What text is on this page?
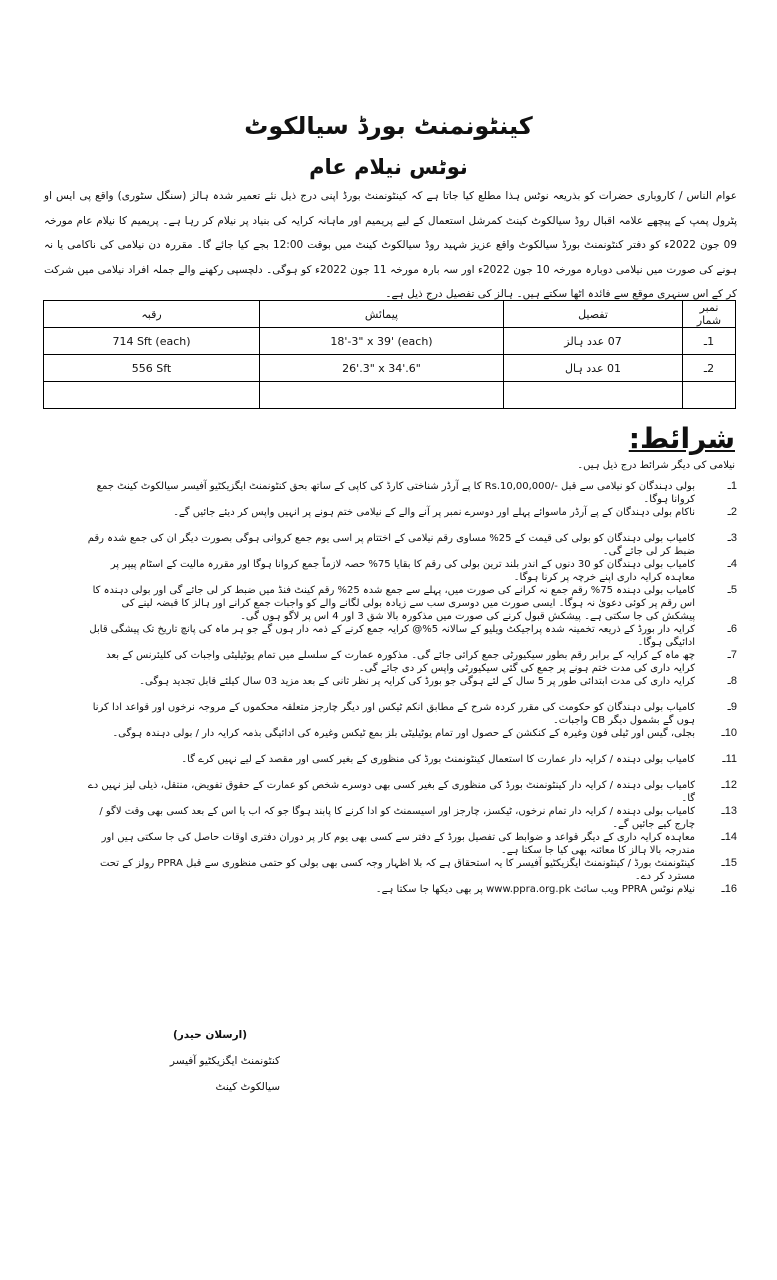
کینٹونمنٹ بورڈ سیالکوٹ
نوٹس نیلام عام

عوام الناس / کاروباری حضرات کو بذریعہ نوٹس ہذا مطلع کیا جاتا ہے کہ کینٹونمنٹ بورڈ اپنی درج ذیل نئے تعمیر شدہ ہالز (سنگل سٹوری) واقع پی ایس او پٹرول پمپ کے پیچھے علامہ اقبال روڈ سیالکوٹ کینٹ کمرشل استعمال کے لیے پریمیم اور ماہانہ کرایہ کی بنیاد پر نیلام کر رہا ہے۔ پریمیم کا نیلام عام مورخہ 09 جون 2022ء کو دفتر کنٹونمنٹ بورڈ سیالکوٹ واقع عزیز شہید روڈ سیالکوٹ کینٹ میں بوقت 12:00 بجے کیا جائے گا۔ مقررہ دن نیلامی کی ناکامی یا نہ ہونے کی صورت میں نیلامی دوبارہ مورخہ 10 جون 2022ء اور سہ بارہ مورخہ 11 جون 2022ء کو ہوگی۔ دلچسپی رکھنے والے جملہ افراد نیلامی میں شرکت کر کے اس سنہری موقع سے فائدہ اٹھا سکتے ہیں۔ ہالز کی تفصیل درج ذیل ہے۔

نمبر شمار	تفصیل	پیمائش	رقبہ
1ـ	07 عدد ہالز	18'-3" x 39' (each)	714 Sft (each)
2ـ	01 عدد ہال	26'.3" x 34'.6"	556 Sft

شرائط:
نیلامی کی دیگر شرائط درج ذیل ہیں۔
1ـ
بولی دہندگان کو نیلامی سے قبل -/Rs.10,00,000 کا پے آرڈر شناختی کارڈ کی کاپی کے ساتھ بحق کنٹونمنٹ ایگزیکٹیو آفیسر سیالکوٹ کینٹ جمع کروانا ہوگا۔
2ـ
ناکام بولی دہندگان کے پے آرڈر ماسوائے پہلے اور دوسرے نمبر پر آنے والے کے نیلامی ختم ہونے پر انہیں واپس کر دیئے جائیں گے۔
3ـ
کامیاب بولی دہندگان کو بولی کی قیمت کے 25% مساوی رقم نیلامی کے اختتام پر اسی یوم جمع کروانی ہوگی بصورت دیگر ان کی جمع شدہ رقم ضبط کر لی جائے گی۔
4ـ
کامیاب بولی دہندگان کو 30 دنوں کے اندر بلند ترین بولی کی رقم کا بقایا 75% حصہ لازماً جمع کروانا ہوگا اور مقررہ مالیت کے اسٹام پیپر پر معاہدہ کرایہ داری اپنے خرچہ پر کرنا ہوگا۔
5ـ
کامیاب بولی دہندہ 75% رقم جمع نہ کرانے کی صورت میں، پہلے سے جمع شدہ 25% رقم کینٹ فنڈ میں ضبط کر لی جائے گی اور بولی دہندہ کا اس رقم پر کوئی دعویٰ نہ ہوگا۔ ایسی صورت میں دوسری سب سے زیادہ بولی لگانے والے کو واجبات جمع کرانے اور ہالز کا قبضہ لینے کی پیشکش کی جا سکتی ہے۔ پیشکش قبول کرنے کی صورت میں مذکورہ بالا شق 3 اور 4 اس پر لاگو ہوں گی۔
6ـ
کرایہ دار بورڈ کے ذریعہ تخمینہ شدہ پراجیکٹ ویلیو کے سالانہ 5%@ کرایہ جمع کرنے کے ذمہ دار ہوں گے جو ہر ماہ کی پانچ تاریخ تک پیشگی قابل ادائیگی ہوگا۔
7ـ
چھ ماہ کے کرایہ کے برابر رقم بطور سیکیورٹی جمع کرائی جائے گی۔ مذکورہ عمارت کے سلسلے میں تمام یوٹیلیٹی واجبات کی کلیئرنس کے بعد کرایہ داری کی مدت ختم ہونے پر جمع کی گئی سیکیورٹی واپس کر دی جائے گی۔
8ـ
کرایہ داری کی مدت ابتدائی طور پر 5 سال کے لئے ہوگی جو بورڈ کی کرایہ پر نظر ثانی کے بعد مزید 03 سال کیلئے قابل تجدید ہوگی۔
9ـ
کامیاب بولی دہندگان کو حکومت کی مقرر کردہ شرح کے مطابق انکم ٹیکس اور دیگر چارجز متعلقہ محکموں کے مروجہ نرخوں اور قواعد ادا کرنا ہوں گے بشمول دیگر CB واجبات۔
10ـ
بجلی، گیس اور ٹیلی فون وغیرہ کے کنکشن کے حصول اور تمام یوٹیلیٹی بلز بمع ٹیکس وغیرہ کی ادائیگی بذمہ کرایہ دار / بولی دہندہ ہوگی۔
11ـ
کامیاب بولی دہندہ / کرایہ دار عمارت کا استعمال کینٹونمنٹ بورڈ کی منظوری کے بغیر کسی اور مقصد کے لیے نہیں کرے گا۔
12ـ
کامیاب بولی دہندہ / کرایہ دار کینٹونمنٹ بورڈ کی منظوری کے بغیر کسی بھی دوسرے شخص کو عمارت کے حقوق تفویض، منتقل، ذیلی لیز نہیں دے گا۔
13ـ
کامیاب بولی دہندہ / کرایہ دار تمام نرخوں، ٹیکسز، چارجز اور اسیسمنٹ کو ادا کرنے کا پابند ہوگا جو کہ اب یا اس کے بعد کسی بھی وقت لاگو / چارج کیے جائیں گے۔
14ـ
معاہدہ کرایہ داری کے دیگر قواعد و ضوابط کی تفصیل بورڈ کے دفتر سے کسی بھی یوم کار پر دوران دفتری اوقات حاصل کی جا سکتی ہیں اور مندرجہ بالا ہالز کا معائنہ بھی کیا جا سکتا ہے۔
15ـ
کینٹونمنٹ بورڈ / کینٹونمنٹ ایگزیکٹیو آفیسر کا یہ استحقاق ہے کہ بلا اظہار وجہ کسی بھی بولی کو حتمی منظوری سے قبل PPRA رولز کے تحت مسترد کر دے۔
16ـ
نیلام نوٹس PPRA ویب سائٹ www.ppra.org.pk پر بھی دیکھا جا سکتا ہے۔
(ارسلان حیدر)
کنٹونمنٹ ایگزیکٹیو آفیسر
سیالکوٹ کینٹ
